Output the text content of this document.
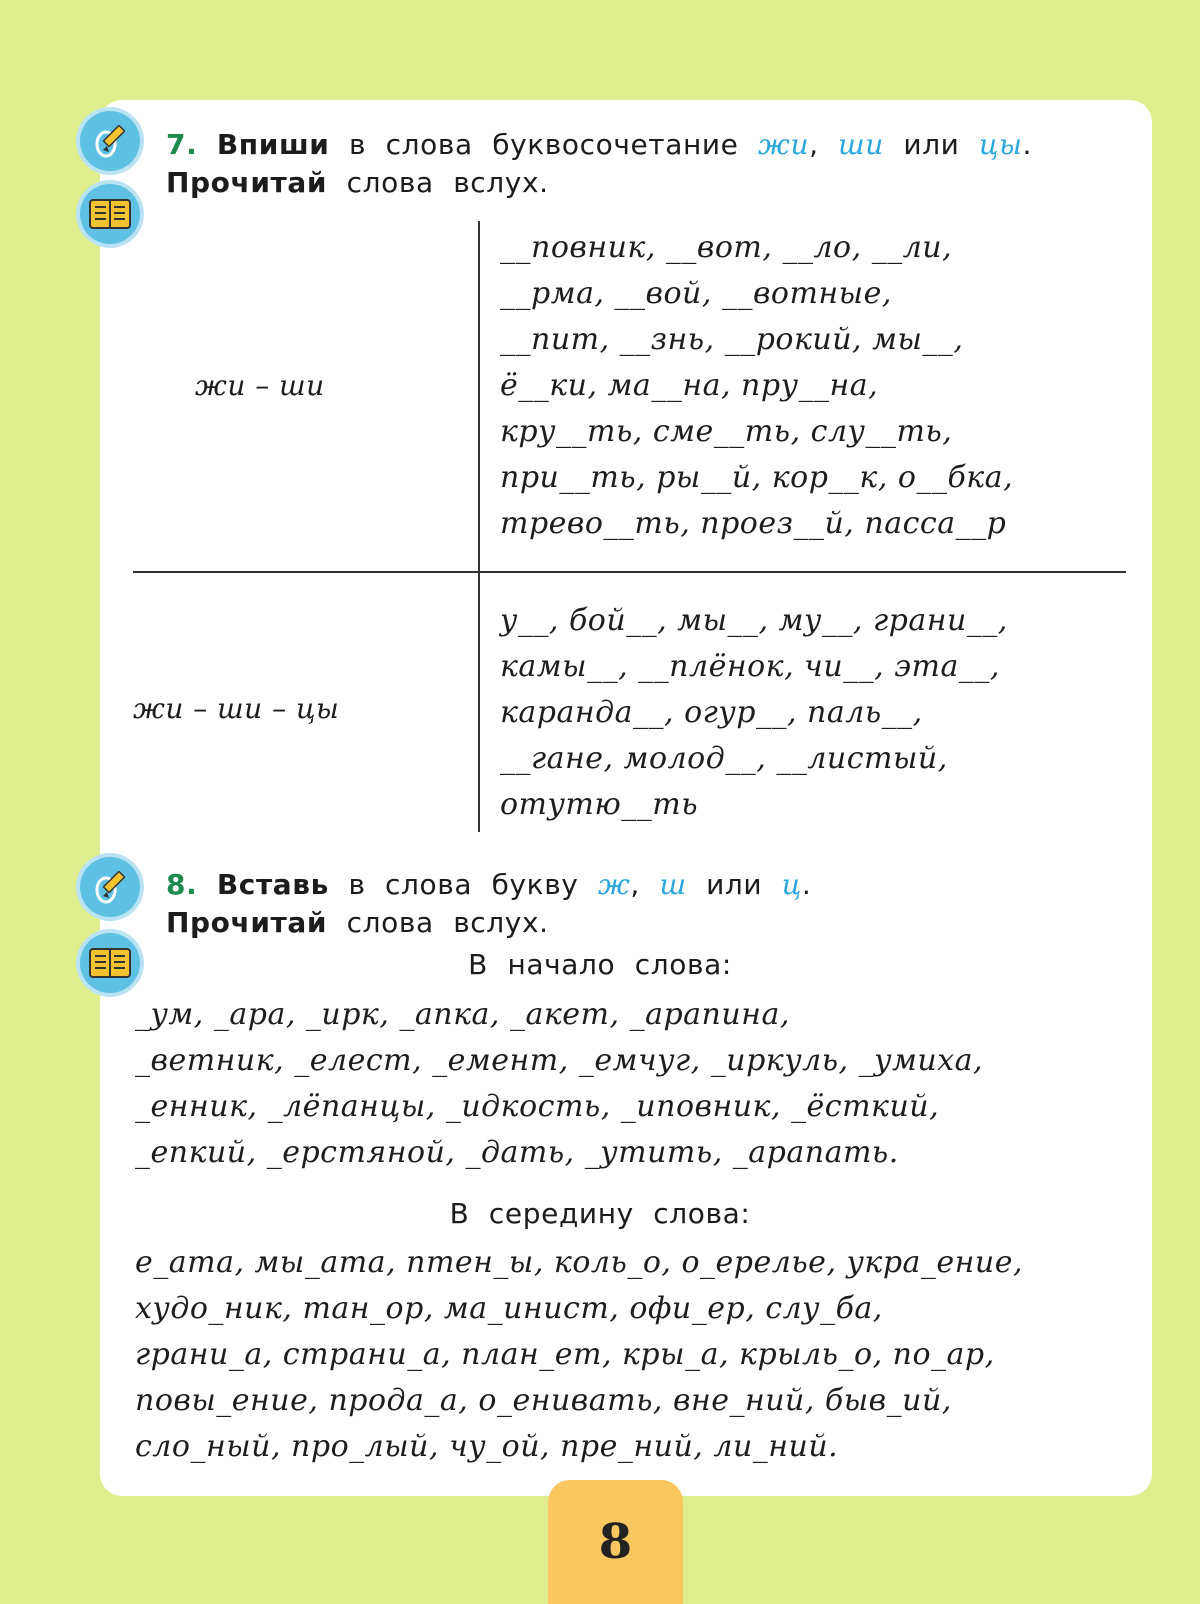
7. Впиши в слова буквосочетание жи, ши или цы.
Прочитай слова вслух.
жи – ши
__повник, __вот, __ло, __ли,
__рма, __вой, __вотные,
__пит, __знь, __рокий, мы__,
ё__ки, ма__на, пру__на,
кру__ть, сме__ть, слу__ть,
при__ть, ры__й, кор__к, о__бка,
трево__ть, проез__й, пасса__р
жи – ши – цы
у__, бой__, мы__, му__, грани__,
камы__, __плёнок, чи__, эта__,
каранда__, огур__, паль__,
__гане, молод__, __листый,
отутю__ть
8. Вставь в слова букву ж, ш или ц.
Прочитай слова вслух.
В начало слова:
_ум, _ара, _ирк, _апка, _акет, _арапина,
_ветник, _елест, _емент, _емчуг, _иркуль, _умиха,
_енник, _лёпанцы, _идкость, _иповник, _ёсткий,
_епкий, _ерстяной, _дать, _утить, _арапать.
В середину слова:
е_ата, мы_ата, птен_ы, коль_о, о_ерелье, укра_ение,
худо_ник, тан_ор, ма_инист, офи_ер, слу_ба,
грани_а, страни_а, план_ет, кры_а, крыль_о, по_ар,
повы_ение, прода_а, о_енивать, вне_ний, быв_ий,
сло_ный, про_лый, чу_ой, пре_ний, ли_ний.
8
